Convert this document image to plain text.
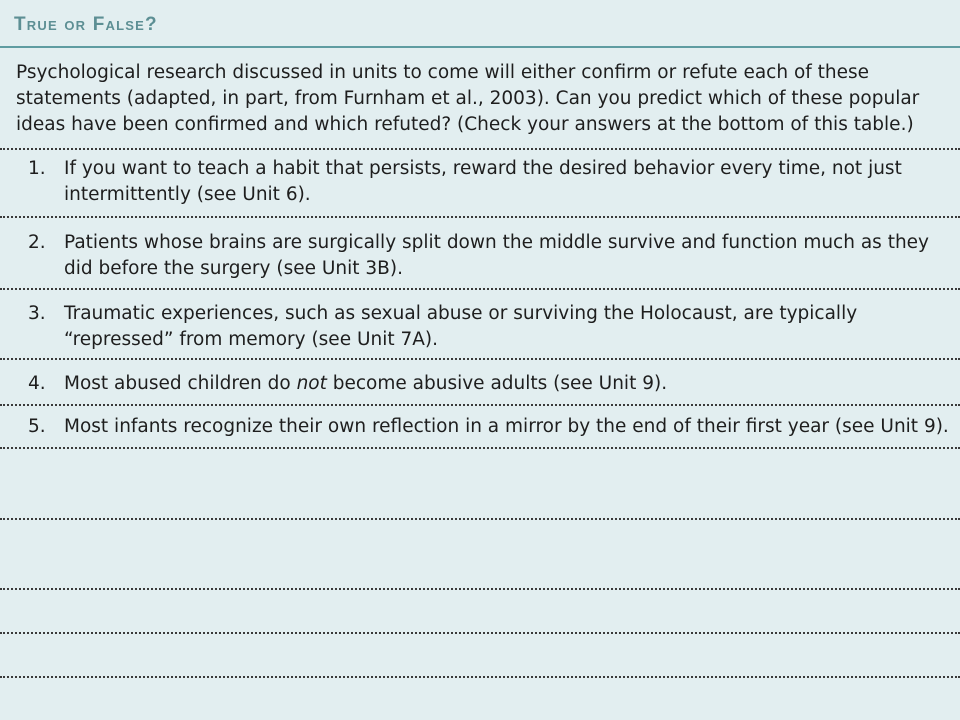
True or False?

Psychological research discussed in units to come will either confirm or refute each of these statements (adapted, in part, from Furnham et al., 2003). Can you predict which of these popular ideas have been confirmed and which refuted? (Check your answers at the bottom of this table.)

1. If you want to teach a habit that persists, reward the desired behavior every time, not just intermittently (see Unit 6).
2. Patients whose brains are surgically split down the middle survive and function much as they did before the surgery (see Unit 3B).
3. Traumatic experiences, such as sexual abuse or surviving the Holocaust, are typically “repressed” from memory (see Unit 7A).
4. Most abused children do not become abusive adults (see Unit 9).
5. Most infants recognize their own reflection in a mirror by the end of their first year (see Unit 9).
